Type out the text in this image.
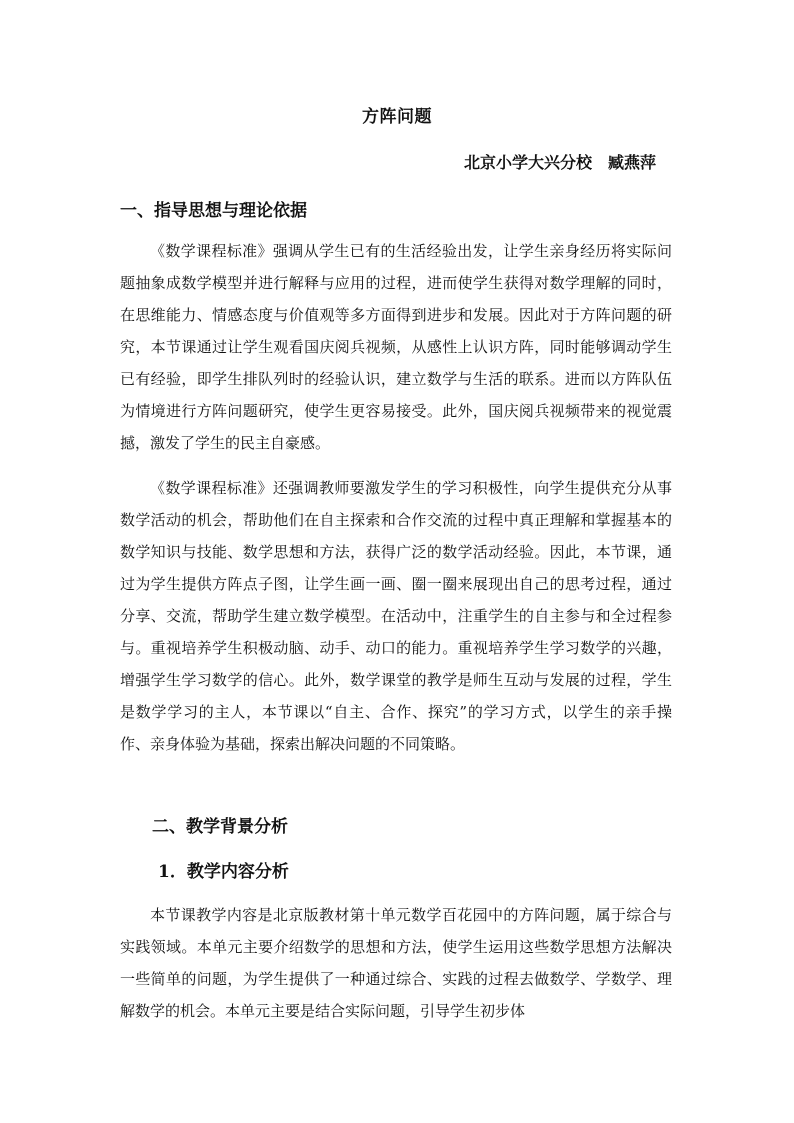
方阵问题
北京小学大兴分校 臧燕萍
一、指导思想与理论依据

《数学课程标准》强调从学生已有的生活经验出发，让学生亲身经历将实际问题抽象成数学模型并进行解释与应用的过程，进而使学生获得对数学理解的同时，在思维能力、情感态度与价值观等多方面得到进步和发展。因此对于方阵问题的研究，本节课通过让学生观看国庆阅兵视频，从感性上认识方阵，同时能够调动学生已有经验，即学生排队列时的经验认识，建立数学与生活的联系。进而以方阵队伍为情境进行方阵问题研究，使学生更容易接受。此外，国庆阅兵视频带来的视觉震撼，激发了学生的民主自豪感。

《数学课程标准》还强调教师要激发学生的学习积极性，向学生提供充分从事数学活动的机会，帮助他们在自主探索和合作交流的过程中真正理解和掌握基本的数学知识与技能、数学思想和方法，获得广泛的数学活动经验。因此，本节课，通过为学生提供方阵点子图，让学生画一画、圈一圈来展现出自己的思考过程，通过分享、交流，帮助学生建立数学模型。在活动中，注重学生的自主参与和全过程参与。重视培养学生积极动脑、动手、动口的能力。重视培养学生学习数学的兴趣，增强学生学习数学的信心。此外，数学课堂的教学是师生互动与发展的过程，学生是数学学习的主人，本节课以“自主、合作、探究”的学习方式，以学生的亲手操作、亲身体验为基础，探索出解决问题的不同策略。

二、教学背景分析
1．教学内容分析

本节课教学内容是北京版教材第十单元数学百花园中的方阵问题，属于综合与实践领域。本单元主要介绍数学的思想和方法，使学生运用这些数学思想方法解决一些简单的问题，为学生提供了一种通过综合、实践的过程去做数学、学数学、理解数学的机会。本单元主要是结合实际问题，引导学生初步体
